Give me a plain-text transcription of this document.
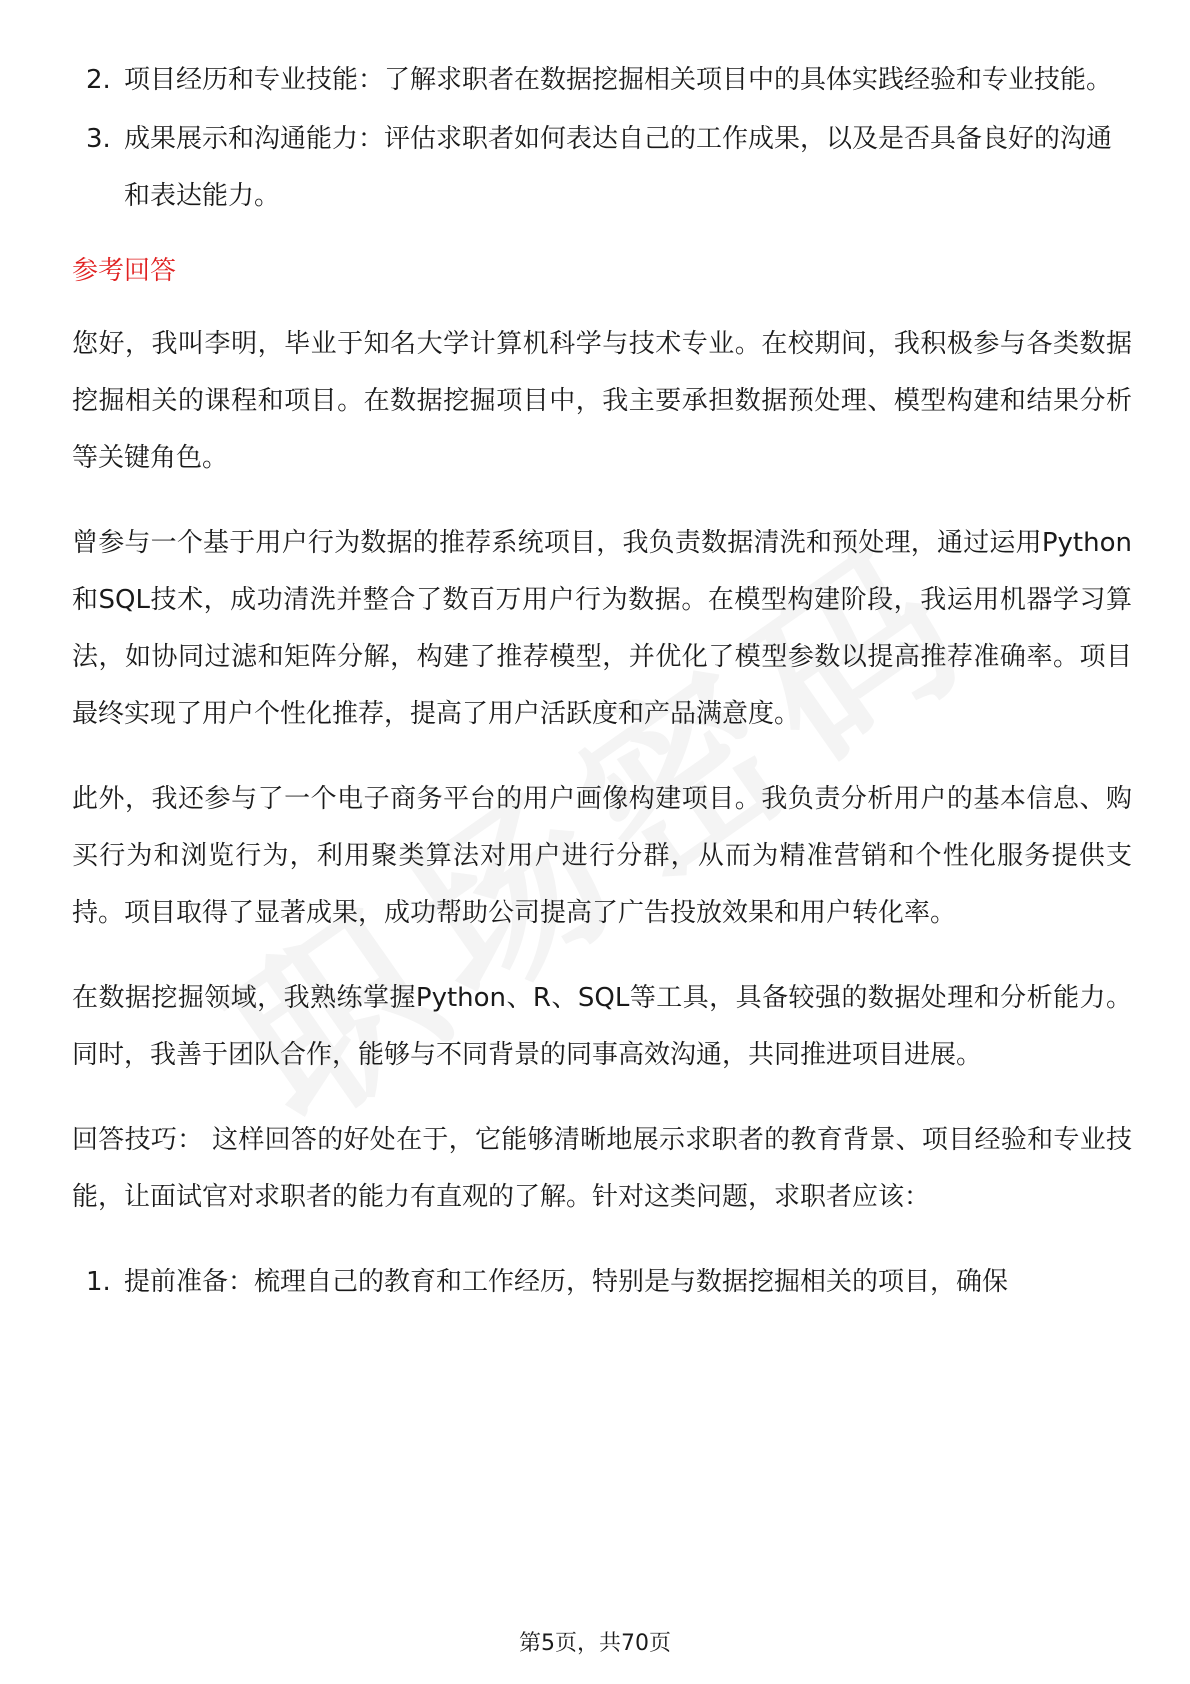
2. 项目经历和专业技能：了解求职者在数据挖掘相关项目中的具体实践经验和专业技能。
3. 成果展示和沟通能力：评估求职者如何表达自己的工作成果，以及是否具备良好的沟通和表达能力。
参考回答

您好，我叫李明，毕业于知名大学计算机科学与技术专业。在校期间，我积极参与各类数据挖掘相关的课程和项目。在数据挖掘项目中，我主要承担数据预处理、模型构建和结果分析等关键角色。

曾参与一个基于用户行为数据的推荐系统项目，我负责数据清洗和预处理，通过运用Python和SQL技术，成功清洗并整合了数百万用户行为数据。在模型构建阶段，我运用机器学习算法，如协同过滤和矩阵分解，构建了推荐模型，并优化了模型参数以提高推荐准确率。项目最终实现了用户个性化推荐，提高了用户活跃度和产品满意度。

此外，我还参与了一个电子商务平台的用户画像构建项目。我负责分析用户的基本信息、购买行为和浏览行为，利用聚类算法对用户进行分群，从而为精准营销和个性化服务提供支持。项目取得了显著成果，成功帮助公司提高了广告投放效果和用户转化率。

在数据挖掘领域，我熟练掌握Python、R、SQL等工具，具备较强的数据处理和分析能力。同时，我善于团队合作，能够与不同背景的同事高效沟通，共同推进项目进展。

回答技巧： 这样回答的好处在于，它能够清晰地展示求职者的教育背景、项目经验和专业技能，让面试官对求职者的能力有直观的了解。针对这类问题，求职者应该：

1. 提前准备：梳理自己的教育和工作经历，特别是与数据挖掘相关的项目，确保
第5页，共70页
